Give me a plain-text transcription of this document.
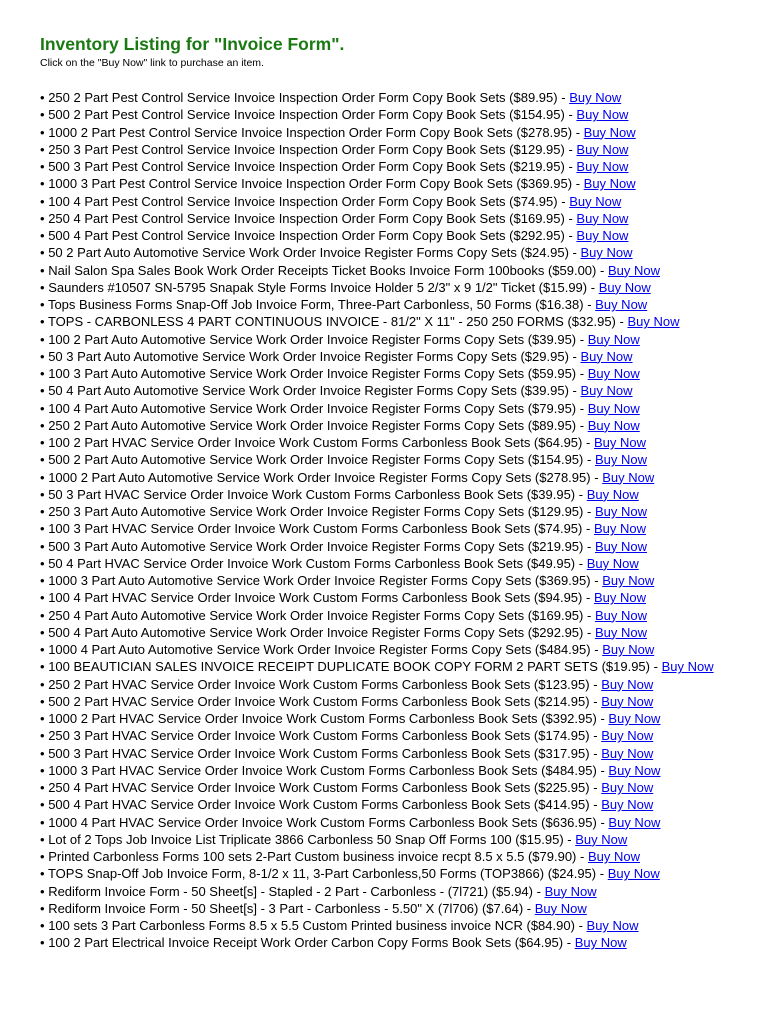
Inventory Listing for "Invoice Form".

Click on the "Buy Now" link to purchase an item.

• 250 2 Part Pest Control Service Invoice Inspection Order Form Copy Book Sets ($89.95) - Buy Now
• 500 2 Part Pest Control Service Invoice Inspection Order Form Copy Book Sets ($154.95) - Buy Now
• 1000 2 Part Pest Control Service Invoice Inspection Order Form Copy Book Sets ($278.95) - Buy Now
• 250 3 Part Pest Control Service Invoice Inspection Order Form Copy Book Sets ($129.95) - Buy Now
• 500 3 Part Pest Control Service Invoice Inspection Order Form Copy Book Sets ($219.95) - Buy Now
• 1000 3 Part Pest Control Service Invoice Inspection Order Form Copy Book Sets ($369.95) - Buy Now
• 100 4 Part Pest Control Service Invoice Inspection Order Form Copy Book Sets ($74.95) - Buy Now
• 250 4 Part Pest Control Service Invoice Inspection Order Form Copy Book Sets ($169.95) - Buy Now
• 500 4 Part Pest Control Service Invoice Inspection Order Form Copy Book Sets ($292.95) - Buy Now
• 50 2 Part Auto Automotive Service Work Order Invoice Register Forms Copy Sets ($24.95) - Buy Now
• Nail Salon Spa Sales Book Work Order Receipts Ticket Books Invoice Form 100books ($59.00) - Buy Now
• Saunders #10507 SN-5795 Snapak Style Forms Invoice Holder 5 2/3" x 9 1/2" Ticket ($15.99) - Buy Now
• Tops Business Forms Snap-Off Job Invoice Form, Three-Part Carbonless, 50 Forms ($16.38) - Buy Now
• TOPS - CARBONLESS 4 PART CONTINUOUS INVOICE - 81/2" X 11" - 250 250 FORMS ($32.95) - Buy Now
• 100 2 Part Auto Automotive Service Work Order Invoice Register Forms Copy Sets ($39.95) - Buy Now
• 50 3 Part Auto Automotive Service Work Order Invoice Register Forms Copy Sets ($29.95) - Buy Now
• 100 3 Part Auto Automotive Service Work Order Invoice Register Forms Copy Sets ($59.95) - Buy Now
• 50 4 Part Auto Automotive Service Work Order Invoice Register Forms Copy Sets ($39.95) - Buy Now
• 100 4 Part Auto Automotive Service Work Order Invoice Register Forms Copy Sets ($79.95) - Buy Now
• 250 2 Part Auto Automotive Service Work Order Invoice Register Forms Copy Sets ($89.95) - Buy Now
• 100 2 Part HVAC Service Order Invoice Work Custom Forms Carbonless Book Sets ($64.95) - Buy Now
• 500 2 Part Auto Automotive Service Work Order Invoice Register Forms Copy Sets ($154.95) - Buy Now
• 1000 2 Part Auto Automotive Service Work Order Invoice Register Forms Copy Sets ($278.95) - Buy Now
• 50 3 Part HVAC Service Order Invoice Work Custom Forms Carbonless Book Sets ($39.95) - Buy Now
• 250 3 Part Auto Automotive Service Work Order Invoice Register Forms Copy Sets ($129.95) - Buy Now
• 100 3 Part HVAC Service Order Invoice Work Custom Forms Carbonless Book Sets ($74.95) - Buy Now
• 500 3 Part Auto Automotive Service Work Order Invoice Register Forms Copy Sets ($219.95) - Buy Now
• 50 4 Part HVAC Service Order Invoice Work Custom Forms Carbonless Book Sets ($49.95) - Buy Now
• 1000 3 Part Auto Automotive Service Work Order Invoice Register Forms Copy Sets ($369.95) - Buy Now
• 100 4 Part HVAC Service Order Invoice Work Custom Forms Carbonless Book Sets ($94.95) - Buy Now
• 250 4 Part Auto Automotive Service Work Order Invoice Register Forms Copy Sets ($169.95) - Buy Now
• 500 4 Part Auto Automotive Service Work Order Invoice Register Forms Copy Sets ($292.95) - Buy Now
• 1000 4 Part Auto Automotive Service Work Order Invoice Register Forms Copy Sets ($484.95) - Buy Now
• 100 BEAUTICIAN SALES INVOICE RECEIPT DUPLICATE BOOK COPY FORM 2 PART SETS ($19.95) - Buy Now
• 250 2 Part HVAC Service Order Invoice Work Custom Forms Carbonless Book Sets ($123.95) - Buy Now
• 500 2 Part HVAC Service Order Invoice Work Custom Forms Carbonless Book Sets ($214.95) - Buy Now
• 1000 2 Part HVAC Service Order Invoice Work Custom Forms Carbonless Book Sets ($392.95) - Buy Now
• 250 3 Part HVAC Service Order Invoice Work Custom Forms Carbonless Book Sets ($174.95) - Buy Now
• 500 3 Part HVAC Service Order Invoice Work Custom Forms Carbonless Book Sets ($317.95) - Buy Now
• 1000 3 Part HVAC Service Order Invoice Work Custom Forms Carbonless Book Sets ($484.95) - Buy Now
• 250 4 Part HVAC Service Order Invoice Work Custom Forms Carbonless Book Sets ($225.95) - Buy Now
• 500 4 Part HVAC Service Order Invoice Work Custom Forms Carbonless Book Sets ($414.95) - Buy Now
• 1000 4 Part HVAC Service Order Invoice Work Custom Forms Carbonless Book Sets ($636.95) - Buy Now
• Lot of 2 Tops Job Invoice List Triplicate 3866 Carbonless 50 Snap Off Forms 100 ($15.95) - Buy Now
• Printed Carbonless Forms 100 sets 2-Part Custom business invoice recpt 8.5 x 5.5 ($79.90) - Buy Now
• TOPS Snap-Off Job Invoice Form, 8-1/2 x 11, 3-Part Carbonless,50 Forms (TOP3866) ($24.95) - Buy Now
• Rediform Invoice Form - 50 Sheet[s] - Stapled - 2 Part - Carbonless - (7l721) ($5.94) - Buy Now
• Rediform Invoice Form - 50 Sheet[s] - 3 Part - Carbonless - 5.50" X (7l706) ($7.64) - Buy Now
• 100 sets 3 Part Carbonless Forms 8.5 x 5.5 Custom Printed business invoice NCR ($84.90) - Buy Now
• 100 2 Part Electrical Invoice Receipt Work Order Carbon Copy Forms Book Sets ($64.95) - Buy Now
